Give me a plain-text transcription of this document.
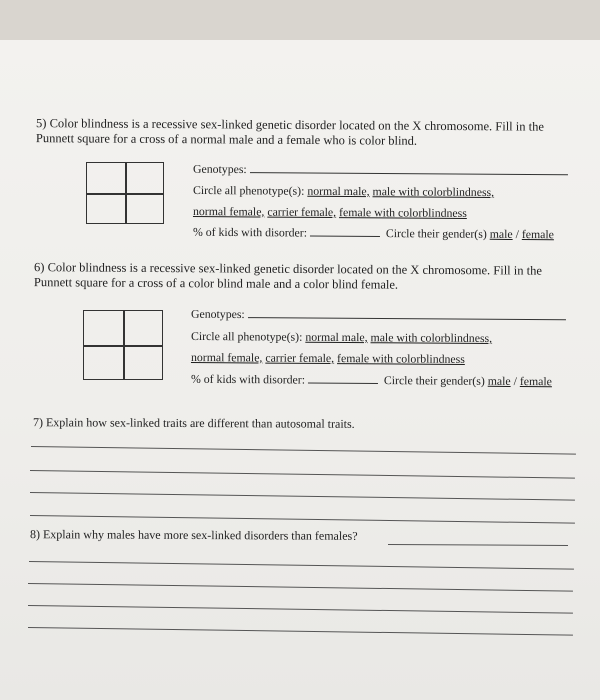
5) Color blindness is a recessive sex-linked genetic disorder located on the X chromosome. Fill in the Punnett square for a cross of a normal male and a female who is color blind.
Genotypes:
Circle all phenotype(s): normal male, male with colorblindness,
normal female, carrier female, female with colorblindness
% of kids with disorder:	Circle their gender(s) male / female
6) Color blindness is a recessive sex-linked genetic disorder located on the X chromosome. Fill in the Punnett square for a cross of a color blind male and a color blind female.
Genotypes:
Circle all phenotype(s): normal male, male with colorblindness,
normal female, carrier female, female with colorblindness
% of kids with disorder:	Circle their gender(s) male / female
7) Explain how sex-linked traits are different than autosomal traits.
8) Explain why males have more sex-linked disorders than females?
